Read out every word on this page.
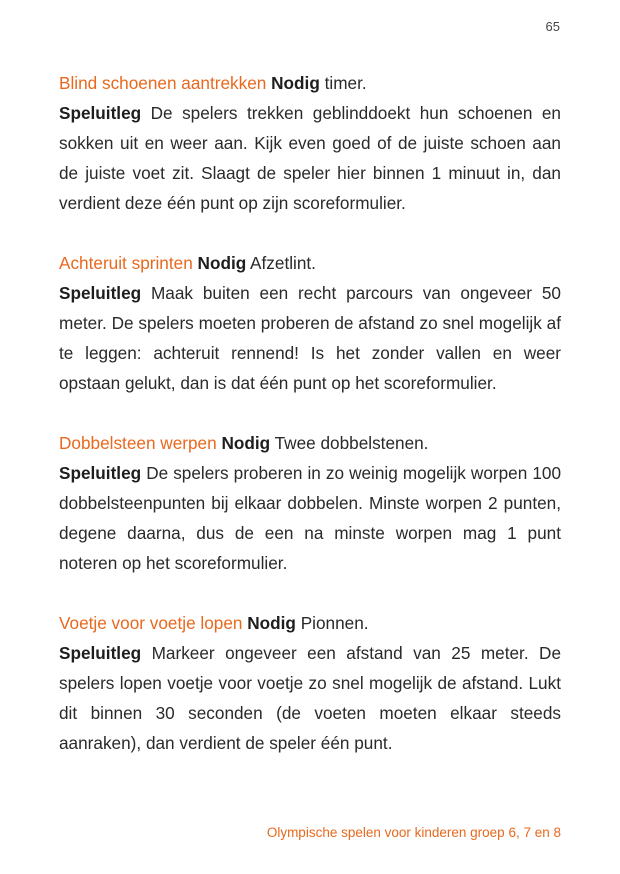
65
Blind schoenen aantrekken Nodig timer.
Speluitleg De spelers trekken geblinddoekt hun schoenen en sokken uit en weer aan. Kijk even goed of de juiste schoen aan de juiste voet zit. Slaagt de speler hier binnen 1 minuut in, dan verdient deze één punt op zijn scoreformulier.
Achteruit sprinten Nodig Afzetlint.
Speluitleg Maak buiten een recht parcours van ongeveer 50 meter. De spelers moeten proberen de afstand zo snel mogelijk af te leggen: achteruit rennend! Is het zonder vallen en weer opstaan gelukt, dan is dat één punt op het scoreformulier.
Dobbelsteen werpen Nodig Twee dobbelstenen.
Speluitleg De spelers proberen in zo weinig mogelijk worpen 100 dobbelsteenpunten bij elkaar dobbelen. Minste worpen 2 punten, degene daarna, dus de een na minste worpen mag 1 punt noteren op het scoreformulier.
Voetje voor voetje lopen Nodig Pionnen.
Speluitleg Markeer ongeveer een afstand van 25 meter. De spelers lopen voetje voor voetje zo snel mogelijk de afstand. Lukt dit binnen 30 seconden (de voeten moeten elkaar steeds aanraken), dan verdient de speler één punt.
Olympische spelen voor kinderen groep 6, 7 en 8
